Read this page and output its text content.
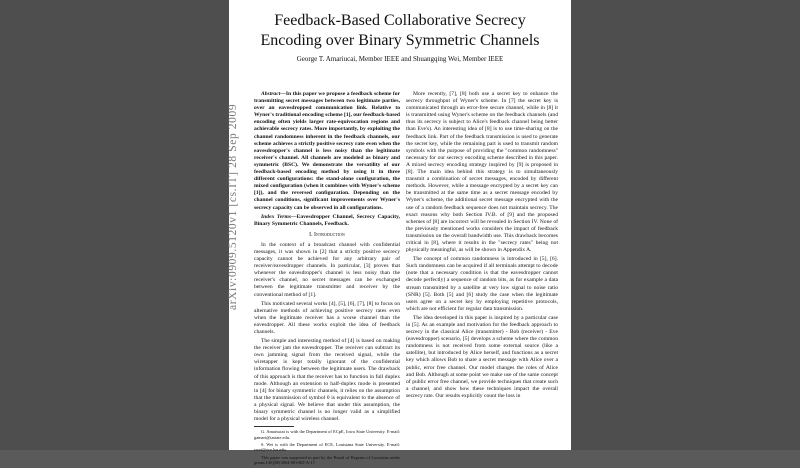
Feedback-Based Collaborative Secrecy Encoding over Binary Symmetric Channels
George T. Amariucai, Member IEEE and Shuangqing Wei, Member IEEE

Abstract—In this paper we propose a feedback scheme for transmitting secret messages between two legitimate parties, over an eavesdropped communication link. Relative to Wyner's traditional encoding scheme [1], our feedback-based encoding often yields larger rate-equivocation regions and achievable secrecy rates. More importantly, by exploiting the channel randomness inherent in the feedback channels, our scheme achieves a strictly positive secrecy rate even when the eavesdropper's channel is less noisy than the legitimate receiver's channel. All channels are modeled as binary and symmetric (BSC). We demonstrate the versatility of our feedback-based encoding method by using it in three different configurations: the stand-alone configuration, the mixed configuration (when it combines with Wyner's scheme [1]), and the reversed configuration. Depending on the channel conditions, significant improvements over Wyner's secrecy capacity can be observed in all configurations.

Index Terms—Eavesdropper Channel, Secrecy Capacity, Binary Symmetric Channels, Feedback.

I. Introduction

In the context of a broadcast channel with confidential messages, it was shown in [2] that a strictly positive secrecy capacity cannot be achieved for any arbitrary pair of receiver/eavesdropper channels. In particular, [3] proves that whenever the eavesdropper's channel is less noisy than the receiver's channel, no secret messages can be exchanged between the legitimate transmitter and receiver by the conventional method of [1].

This motivated several works [4], [5], [6], [7], [8] to focus on alternative methods of achieving positive secrecy rates even when the legitimate receiver has a worse channel than the eavesdropper. All these works exploit the idea of feedback channels.

The simple and interesting method of [4] is based on making the receiver jam the eavesdropper. The receiver can subtract its own jamming signal from the received signal, while the wiretapper is kept totally ignorant of the confidential information flowing between the legitimate users. The drawback of this approach is that the receiver has to function in full duplex mode. Although an extension to half-duplex mode is presented in [4] for binary symmetric channels, it relies on the assumption that the transmission of symbol 0 is equivalent to the absence of a physical signal. We believe that under this assumption, the binary symmetric channel is no longer valid as a simplified model for a physical wireless channel.

G. Amariucai is with the Department of ECpE, Iowa State University. E-mail: gamari@iastate.edu.

S. Wei is with the Department of ECE, Louisiana State University. E-mail: swei@ece.lsu.edu.

This paper was supported in part by the Board of Regents of Louisiana under grants LEQSF(2004-08)-RD-A-17.

More recently, [7], [8] both use a secret key to enhance the secrecy throughput of Wyner's scheme. In [7] the secret key is communicated through an error-free secure channel, while in [8] it is transmitted using Wyner's scheme on the feedback channels (and thus its secrecy is subject to Alice's feedback channel being better than Eve's). An interesting idea of [8] is to use time-sharing on the feedback link. Part of the feedback transmission is used to generate the secret key, while the remaining part is used to transmit random symbols with the purpose of providing the "common randomness" necessary for our secrecy encoding scheme described in this paper. A mixed secrecy encoding strategy inspired by [9] is proposed in [8]. The main idea behind this strategy is to simultaneously transmit a combination of secret messages, encoded by different methods. However, while a message encrypted by a secret key can be transmitted at the same time as a secret message encoded by Wyner's scheme, the additional secret message encrypted with the use of a random feedback sequence does not maintain secrecy. The exact reasons why both Section IV.B. of [9] and the proposed schemes of [8] are incorrect will be revealed in Section IV. None of the previously mentioned works considers the impact of feedback transmission on the overall bandwidth use. This drawback becomes critical in [8], where it results in the "secrecy rates" being not physically meaningful, as will be shown in Appendix A.

The concept of common randomness is introduced in [5], [6]. Such randomness can be acquired if all terminals attempt to decode (note that a necessary condition is that the eavesdropper cannot decode perfectly) a sequence of random bits, as for example a data stream transmitted by a satellite at very low signal to noise ratio (SNR) [5]. Both [5] and [6] study the case when the legitimate users agree on a secret key by employing repetitive protocols, which are not efficient for regular data transmission.

The idea developed in this paper is inspired by a particular case in [5]. As an example and motivation for the feedback approach to secrecy in the classical Alice (transmitter) - Bob (receiver) - Eve (eavesdropper) scenario, [5] develops a scheme where the common randomness is not received from some external source (like a satellite), but introduced by Alice herself, and functions as a secret key which allows Bob to share a secret message with Alice over a public, error free channel. Our model changes the roles of Alice and Bob. Although at some point we make use of the same concept of public error free channel, we provide techniques that create such a channel, and show how these techniques impact the overall secrecy rate. Our results explicitly count the loss in

arXiv:0909.5120v1 [cs.IT] 28 Sep 2009
